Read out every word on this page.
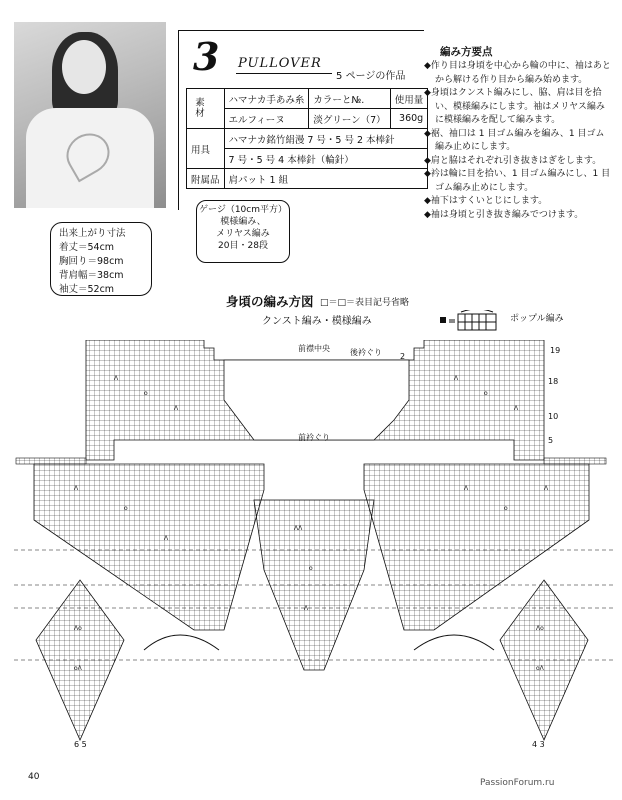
3 PULLOVER
5 ページの作品
素材	ハマナカ手あみ糸	カラーと№.	使用量
	エルフィーヌ	淡グリーン（7）	360g
用具	ハマナカ銘竹絹漫 7 号・5 号 2 本棒針		
	7 号・5 号 4 本棒針（輪針）		
附属品	肩パット 1 組		
編み方要点
◆作り目は身頃を中心から輪の中に、袖はあとから解ける作り目から編み始めます。
◆身頃はクンスト編みにし、脇、肩は目を拾い、模様編みにします。袖はメリヤス編みに模様編みを配して編みます。
◆裾、袖口は 1 目ゴム編みを編み、1 目ゴム編み止めにします。
◆肩と脇はそれぞれ引き抜きはぎをします。
◆衿は輪に目を拾い、1 目ゴム編みにし、1 目ゴム編み止めにします。
◆袖下はすくいとじにします。
◆袖は身頃と引き抜き編みでつけます。
ゲージ（10cm平方）
模様編み、
メリヤス編み
20目・28段
出来上がり寸法
着丈＝54cm
胸回り＝98cm
背肩幅＝38cm
袖丈＝52cm
身頃の編み方図 □＝□＝表目記号省略
クンスト編み・模様編み	ポップル編み
Λ
o
Λ
Λ
o
Λ
Λ
o
Λ
Λ
o
Λ
ΛΛ
o
Λ
Λo
oΛ
Λo
oΛ
前襟中央	後衿ぐり 2
前衿ぐり
19
18
10
5
6 5	4 3
40
PassionForum.ru
